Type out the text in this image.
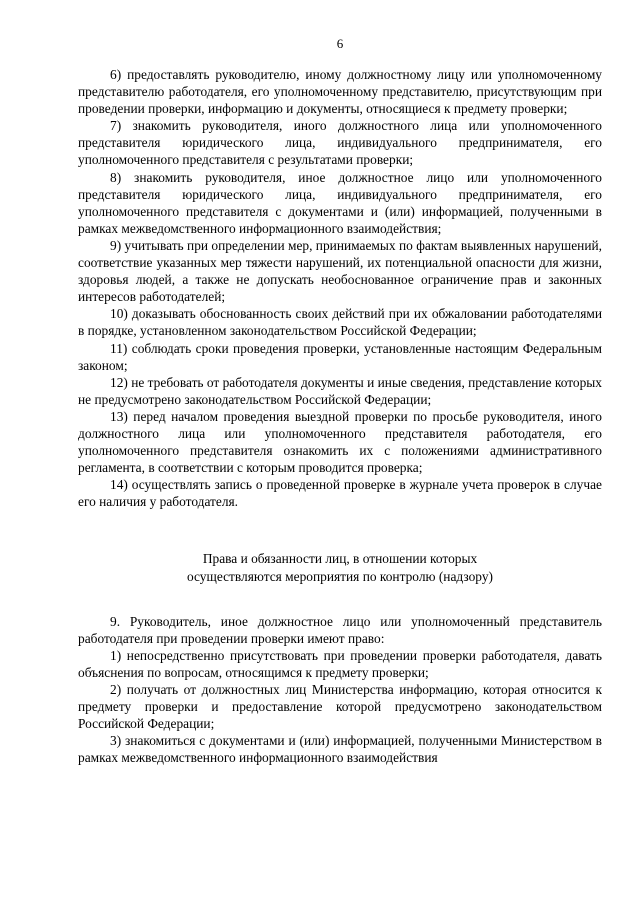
6

6) предоставлять руководителю, иному должностному лицу или уполномоченному представителю работодателя, его уполномоченному представителю, присутствующим при проведении проверки, информацию и документы, относящиеся к предмету проверки;

7) знакомить руководителя, иного должностного лица или уполномоченного представителя юридического лица, индивидуального предпринимателя, его уполномоченного представителя с результатами проверки;

8) знакомить руководителя, иное должностное лицо или уполномоченного представителя юридического лица, индивидуального предпринимателя, его уполномоченного представителя с документами и (или) информацией, полученными в рамках межведомственного информационного взаимодействия;

9) учитывать при определении мер, принимаемых по фактам выявленных нарушений, соответствие указанных мер тяжести нарушений, их потенциальной опасности для жизни, здоровья людей, а также не допускать необоснованное ограничение прав и законных интересов работодателей;

10) доказывать обоснованность своих действий при их обжаловании работодателями в порядке, установленном законодательством Российской Федерации;

11) соблюдать сроки проведения проверки, установленные настоящим Федеральным законом;

12) не требовать от работодателя документы и иные сведения, представление которых не предусмотрено законодательством Российской Федерации;

13) перед началом проведения выездной проверки по просьбе руководителя, иного должностного лица или уполномоченного представителя работодателя, его уполномоченного представителя ознакомить их с положениями административного регламента, в соответствии с которым проводится проверка;

14) осуществлять запись о проведенной проверке в журнале учета проверок в случае его наличия у работодателя.

Права и обязанности лиц, в отношении которых
осуществляются мероприятия по контролю (надзору)

9. Руководитель, иное должностное лицо или уполномоченный представитель работодателя при проведении проверки имеют право:

1) непосредственно присутствовать при проведении проверки работодателя, давать объяснения по вопросам, относящимся к предмету проверки;

2) получать от должностных лиц Министерства информацию, которая относится к предмету проверки и предоставление которой предусмотрено законодательством Российской Федерации;

3) знакомиться с документами и (или) информацией, полученными Министерством в рамках межведомственного информационного взаимодействия
